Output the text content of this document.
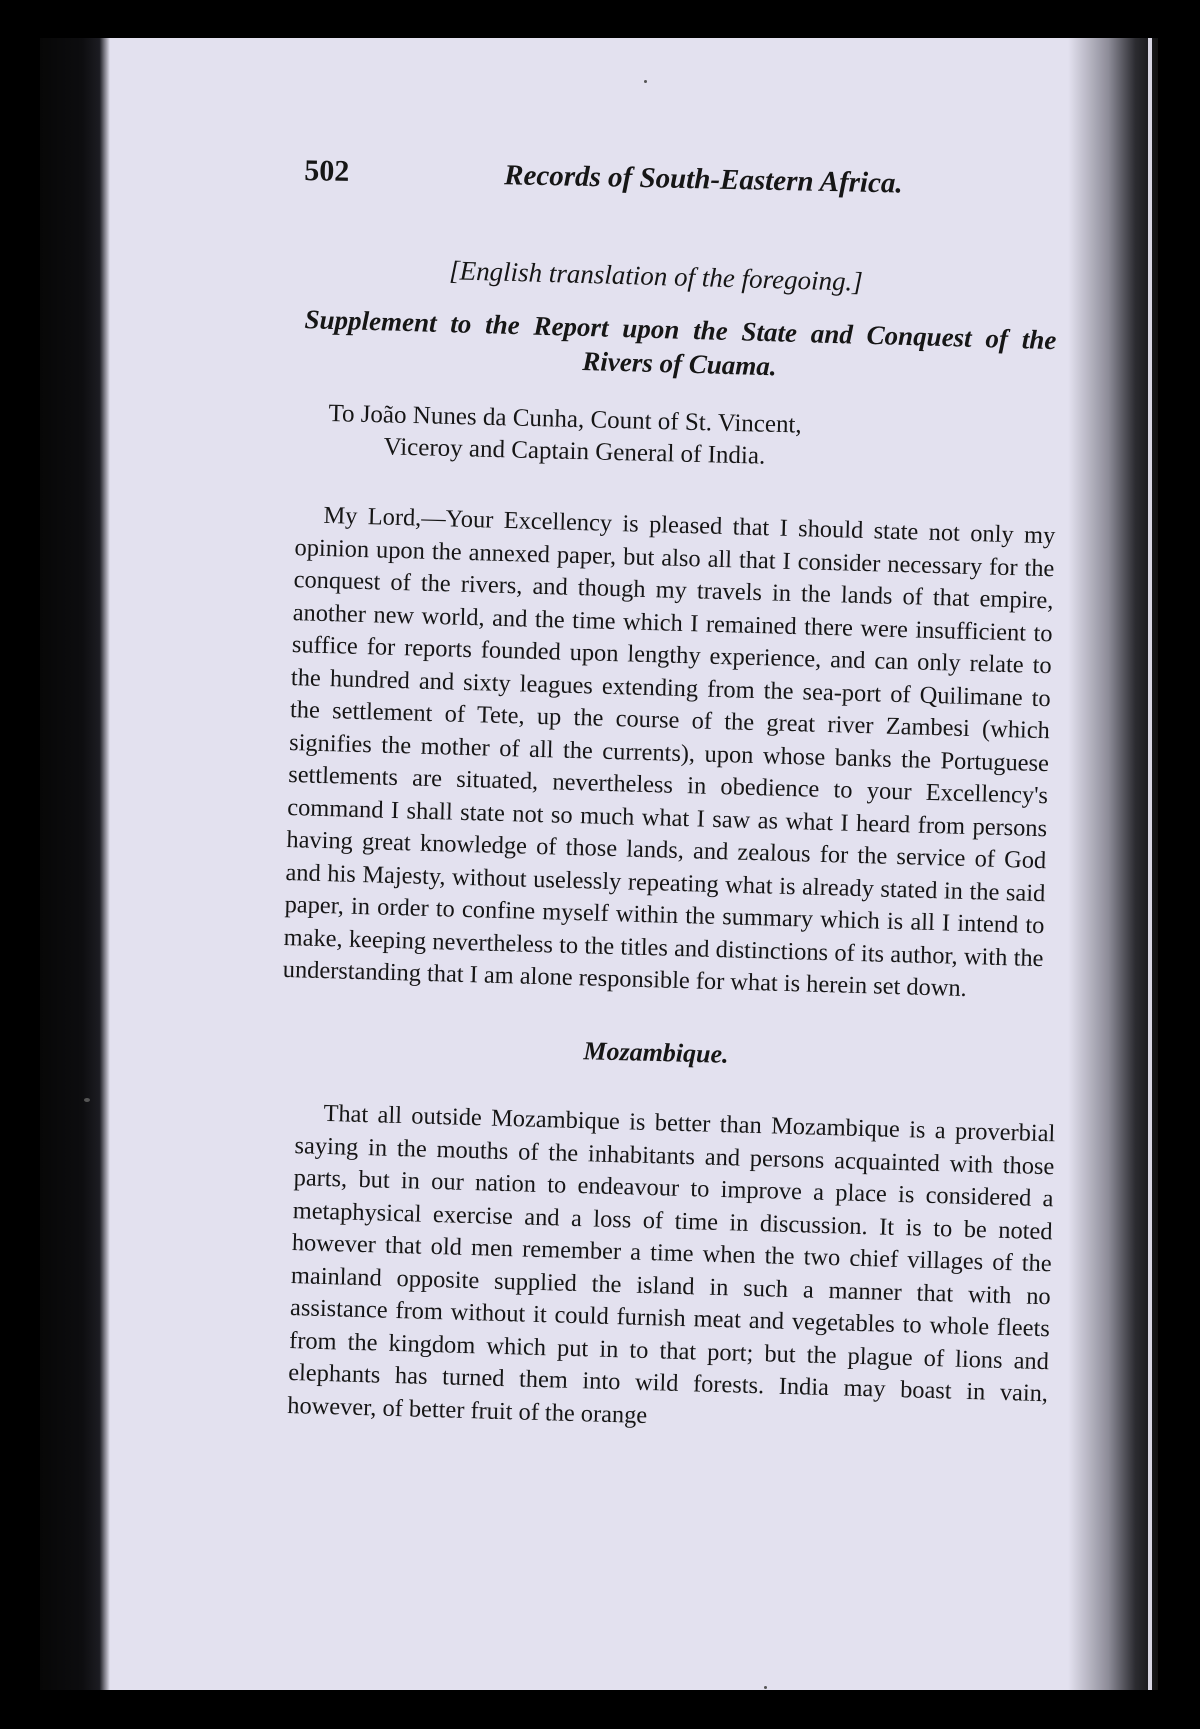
502	Records of South-Eastern Africa.
[English translation of the foregoing.]
Supplement to the Report upon the State and Conquest of the Rivers of Cuama.
To João Nunes da Cunha, Count of St. Vincent,
Viceroy and Captain General of India.

My Lord,—Your Excellency is pleased that I should state not only my opinion upon the annexed paper, but also all that I consider necessary for the conquest of the rivers, and though my travels in the lands of that empire, another new world, and the time which I remained there were insufficient to suffice for reports founded upon lengthy experience, and can only relate to the hundred and sixty leagues extending from the sea-port of Quilimane to the settlement of Tete, up the course of the great river Zambesi (which signifies the mother of all the currents), upon whose banks the Portuguese settlements are situated, nevertheless in obedience to your Excellency's command I shall state not so much what I saw as what I heard from persons having great knowledge of those lands, and zealous for the service of God and his Majesty, without uselessly repeating what is already stated in the said paper, in order to confine myself within the summary which is all I intend to make, keeping nevertheless to the titles and distinctions of its author, with the understanding that I am alone responsible for what is herein set down.

Mozambique.

That all outside Mozambique is better than Mozambique is a proverbial saying in the mouths of the inhabitants and persons acquainted with those parts, but in our nation to endeavour to improve a place is considered a metaphysical exercise and a loss of time in discussion. It is to be noted however that old men remember a time when the two chief villages of the mainland opposite supplied the island in such a manner that with no assistance from without it could furnish meat and vegetables to whole fleets from the kingdom which put in to that port; but the plague of lions and elephants has turned them into wild forests. India may boast in vain, however, of better fruit of the orange
